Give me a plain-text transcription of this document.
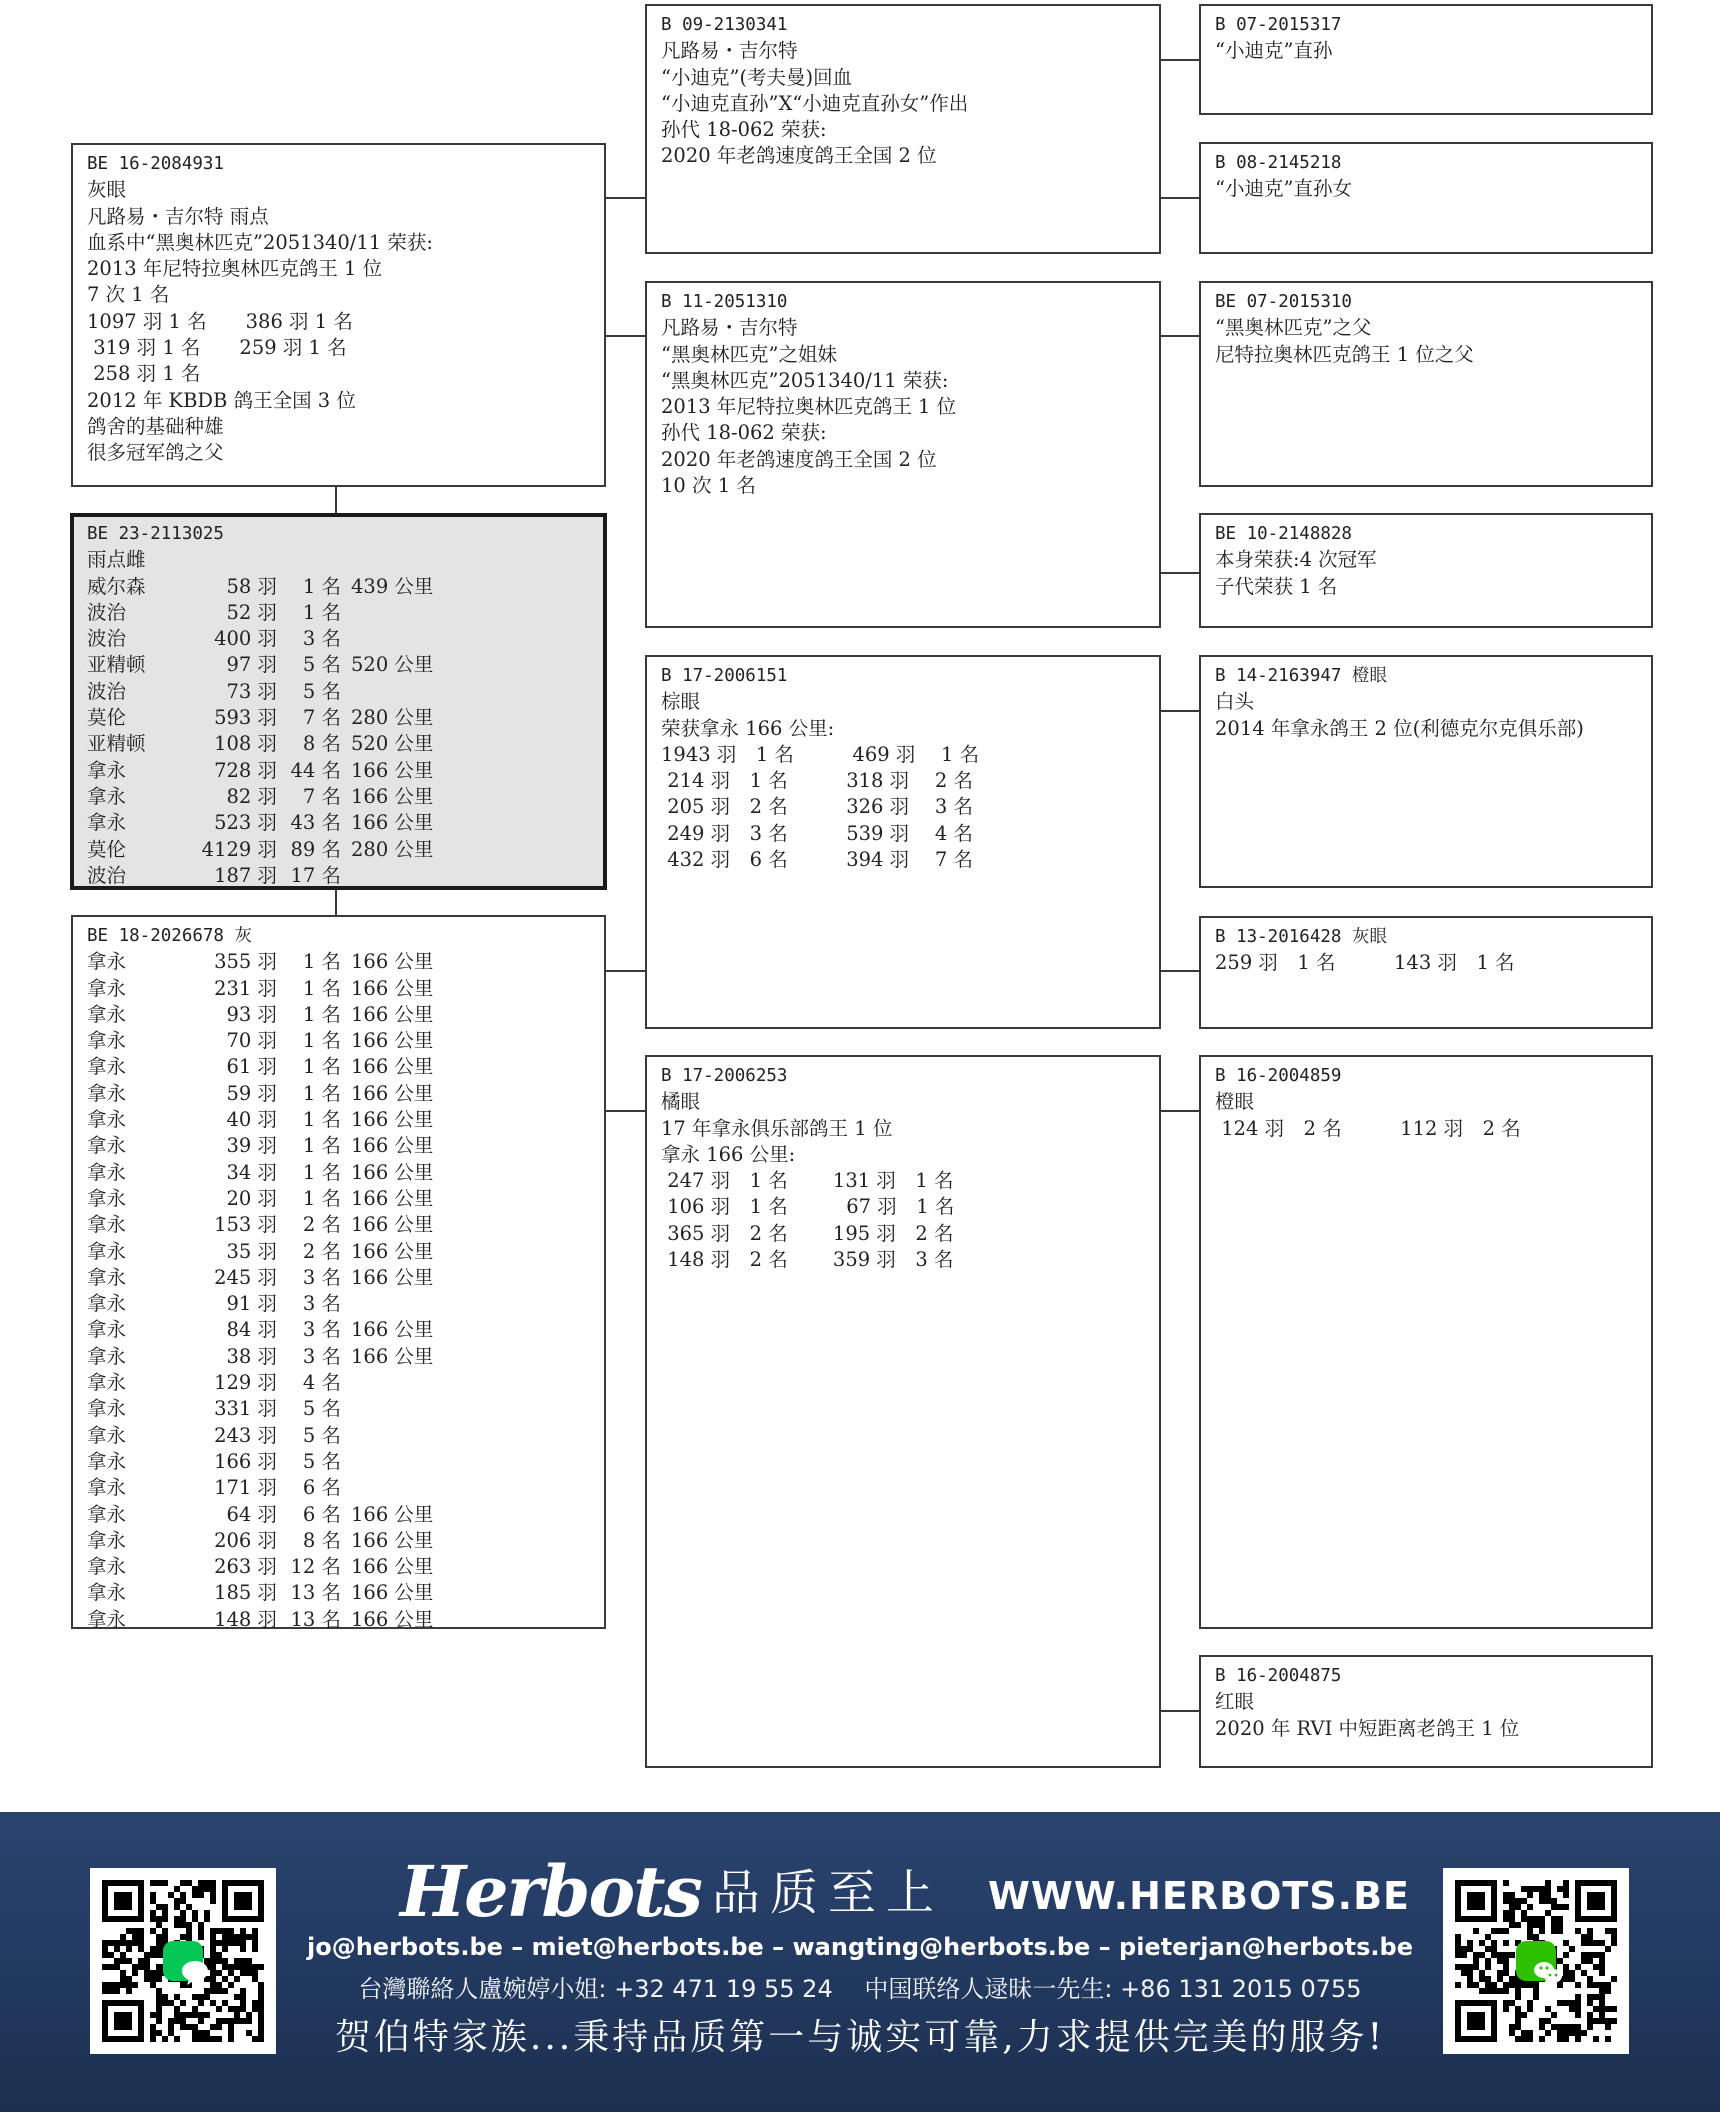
BE 16-2084931
灰眼
凡路易・吉尔特 雨点
血系中“黑奥林匹克”2051340/11 荣获:
2013 年尼特拉奥林匹克鸽王 1 位
7 次 1 名
1097 羽 1 名　　386 羽 1 名
319 羽 1 名　　259 羽 1 名
258 羽 1 名
2012 年 KBDB 鸽王全国 3 位
鸽舍的基础种雄
很多冠军鸽之父
BE 23-2113025
雨点雌
威尔森	58 羽	1 名 439 公里
波治	52 羽	1 名
波治	400 羽	3 名
亚精顿	97 羽	5 名 520 公里
波治	73 羽	5 名
莫伦	593 羽	7 名 280 公里
亚精顿	108 羽	8 名 520 公里
拿永	728 羽 44 名 166 公里
拿永	82 羽	7 名 166 公里
拿永	523 羽 43 名 166 公里
莫伦	4129 羽 89 名 280 公里
波治	187 羽 17 名
BE 18-2026678 灰
拿永	355 羽	1 名 166 公里
拿永	231 羽	1 名 166 公里
拿永	93 羽	1 名 166 公里
拿永	70 羽	1 名 166 公里
拿永	61 羽	1 名 166 公里
拿永	59 羽	1 名 166 公里
拿永	40 羽	1 名 166 公里
拿永	39 羽	1 名 166 公里
拿永	34 羽	1 名 166 公里
拿永	20 羽	1 名 166 公里
拿永	153 羽	2 名 166 公里
拿永	35 羽	2 名 166 公里
拿永	245 羽	3 名 166 公里
拿永	91 羽	3 名
拿永	84 羽	3 名 166 公里
拿永	38 羽	3 名 166 公里
拿永	129 羽	4 名
拿永	331 羽	5 名
拿永	243 羽	5 名
拿永	166 羽	5 名
拿永	171 羽	6 名
拿永	64 羽	6 名 166 公里
拿永	206 羽	8 名 166 公里
拿永	263 羽 12 名 166 公里
拿永	185 羽 13 名 166 公里
拿永	148 羽 13 名 166 公里
B 09-2130341
凡路易・吉尔特
“小迪克”(考夫曼)回血
“小迪克直孙”X“小迪克直孙女”作出
孙代 18-062 荣获:
2020 年老鸽速度鸽王全国 2 位
B 11-2051310
凡路易・吉尔特
“黑奥林匹克”之姐妹
“黑奥林匹克”2051340/11 荣获:
2013 年尼特拉奥林匹克鸽王 1 位
孙代 18-062 荣获:
2020 年老鸽速度鸽王全国 2 位
10 次 1 名
B 17-2006151
棕眼
荣获拿永 166 公里:
1943 羽　1 名　　　469 羽　 1 名
214 羽　1 名　　　318 羽　 2 名
205 羽　2 名　　　326 羽　 3 名
249 羽　3 名　　　539 羽　 4 名
432 羽　6 名　　　394 羽　 7 名
B 17-2006253
橘眼
17 年拿永俱乐部鸽王 1 位
拿永 166 公里:
247 羽　1 名　　 131 羽　1 名
106 羽　1 名　　　67 羽　1 名
365 羽　2 名　　 195 羽　2 名
148 羽　2 名　　 359 羽　3 名
B 07-2015317
“小迪克”直孙
B 08-2145218
“小迪克”直孙女
BE 07-2015310
“黑奥林匹克”之父
尼特拉奥林匹克鸽王 1 位之父
BE 10-2148828
本身荣获:4 次冠军
子代荣获 1 名
B 14-2163947 橙眼
白头
2014 年拿永鸽王 2 位(利德克尔克俱乐部)
B 13-2016428 灰眼
259 羽　1 名　　　143 羽　1 名
B 16-2004859
橙眼
124 羽　2 名　　　112 羽　2 名
B 16-2004875
红眼
2020 年 RVI 中短距离老鸽王 1 位
Herbots 品质至上 WWW.HERBOTS.BE
jo@herbots.be – miet@herbots.be – wangting@herbots.be – pieterjan@herbots.be
台灣聯絡人盧婉婷小姐: +32 471 19 55 24　 中国联络人逯昧一先生: +86 131 2015 0755
贺伯特家族...秉持品质第一与诚实可靠,力求提供完美的服务!
